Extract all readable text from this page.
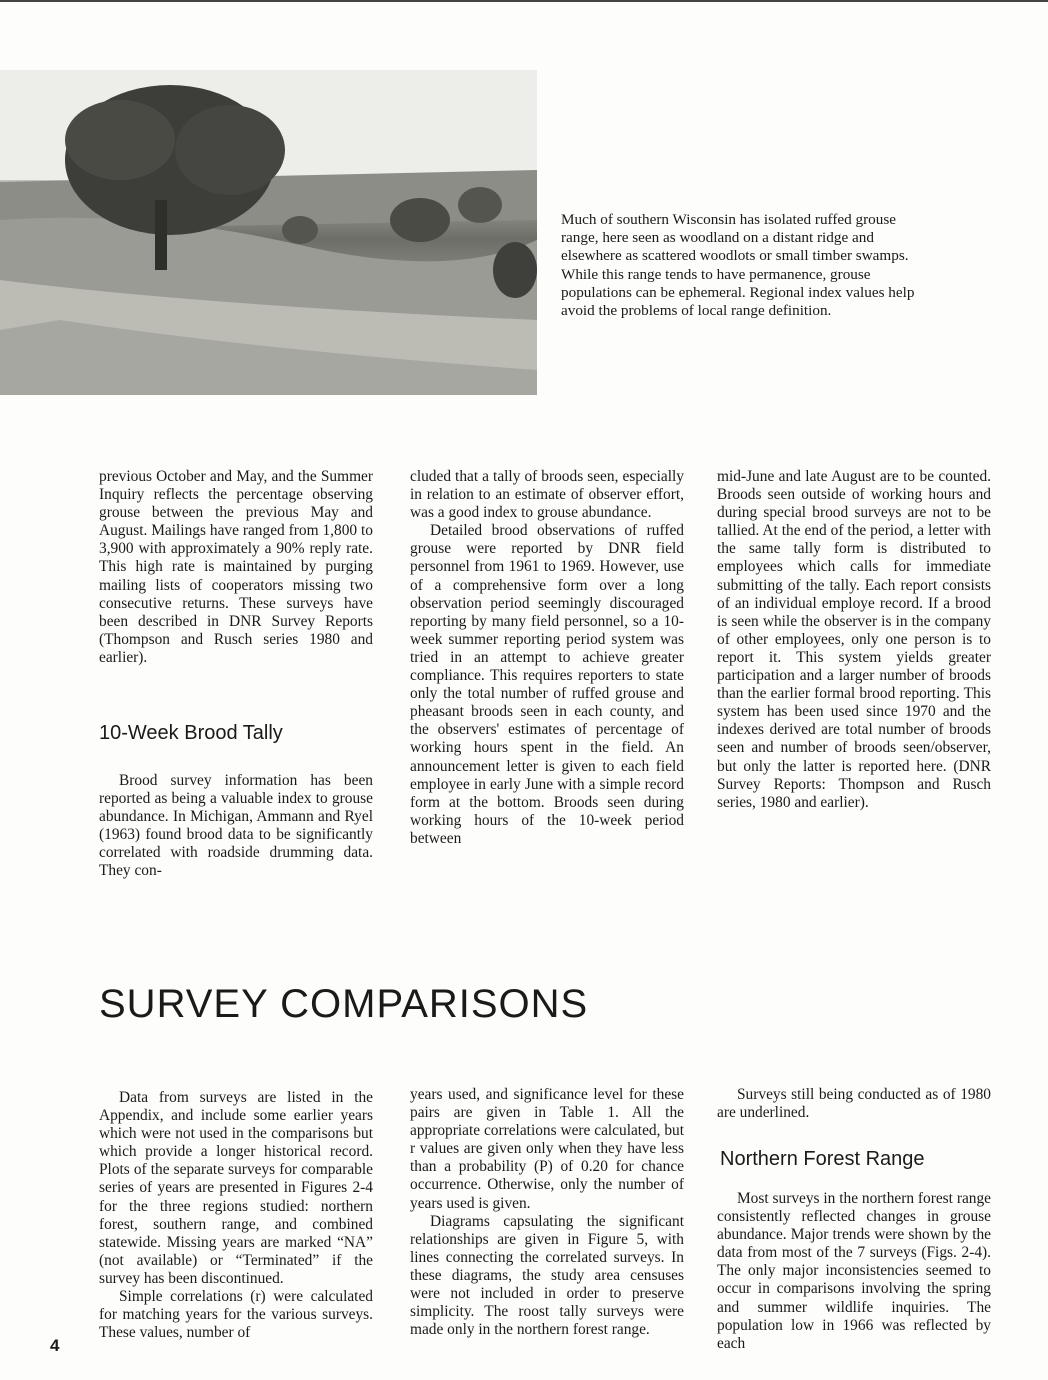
Much of southern Wisconsin has isolated ruffed grouse range, here seen as woodland on a distant ridge and elsewhere as scattered woodlots or small timber swamps. While this range tends to have permanence, grouse populations can be ephemeral. Regional index values help avoid the problems of local range definition.

previous October and May, and the Summer Inquiry reflects the percentage observing grouse between the previous May and August. Mailings have ranged from 1,800 to 3,900 with approximately a 90% reply rate. This high rate is maintained by purging mailing lists of cooperators missing two consecutive returns. These surveys have been described in DNR Survey Reports (Thompson and Rusch series 1980 and earlier).

10-Week Brood Tally

Brood survey information has been reported as being a valuable index to grouse abundance. In Michigan, Ammann and Ryel (1963) found brood data to be significantly correlated with roadside drumming data. They con-

cluded that a tally of broods seen, especially in relation to an estimate of observer effort, was a good index to grouse abundance.

Detailed brood observations of ruffed grouse were reported by DNR field personnel from 1961 to 1969. However, use of a comprehensive form over a long observation period seemingly discouraged reporting by many field personnel, so a 10-week summer reporting period system was tried in an attempt to achieve greater compliance. This requires reporters to state only the total number of ruffed grouse and pheasant broods seen in each county, and the observers' estimates of percentage of working hours spent in the field. An announcement letter is given to each field employee in early June with a simple record form at the bottom. Broods seen during working hours of the 10-week period between

mid-June and late August are to be counted. Broods seen outside of working hours and during special brood surveys are not to be tallied. At the end of the period, a letter with the same tally form is distributed to employees which calls for immediate submitting of the tally. Each report consists of an individual employe record. If a brood is seen while the observer is in the company of other employees, only one person is to report it. This system yields greater participation and a larger number of broods than the earlier formal brood reporting. This system has been used since 1970 and the indexes derived are total number of broods seen and number of broods seen/observer, but only the latter is reported here. (DNR Survey Reports: Thompson and Rusch series, 1980 and earlier).

SURVEY COMPARISONS

Data from surveys are listed in the Appendix, and include some earlier years which were not used in the comparisons but which provide a longer historical record. Plots of the separate surveys for comparable series of years are presented in Figures 2-4 for the three regions studied: northern forest, southern range, and combined statewide. Missing years are marked “NA” (not available) or “Terminated” if the survey has been discontinued.

Simple correlations (r) were calculated for matching years for the various surveys. These values, number of

years used, and significance level for these pairs are given in Table 1. All the appropriate correlations were calculated, but r values are given only when they have less than a probability (P) of 0.20 for chance occurrence. Otherwise, only the number of years used is given.

Diagrams capsulating the significant relationships are given in Figure 5, with lines connecting the correlated surveys. In these diagrams, the study area censuses were not included in order to preserve simplicity. The roost tally surveys were made only in the northern forest range.

Surveys still being conducted as of 1980 are underlined.

Northern Forest Range

Most surveys in the northern forest range consistently reflected changes in grouse abundance. Major trends were shown by the data from most of the 7 surveys (Figs. 2-4). The only major inconsistencies seemed to occur in comparisons involving the spring and summer wildlife inquiries. The population low in 1966 was reflected by each

4
